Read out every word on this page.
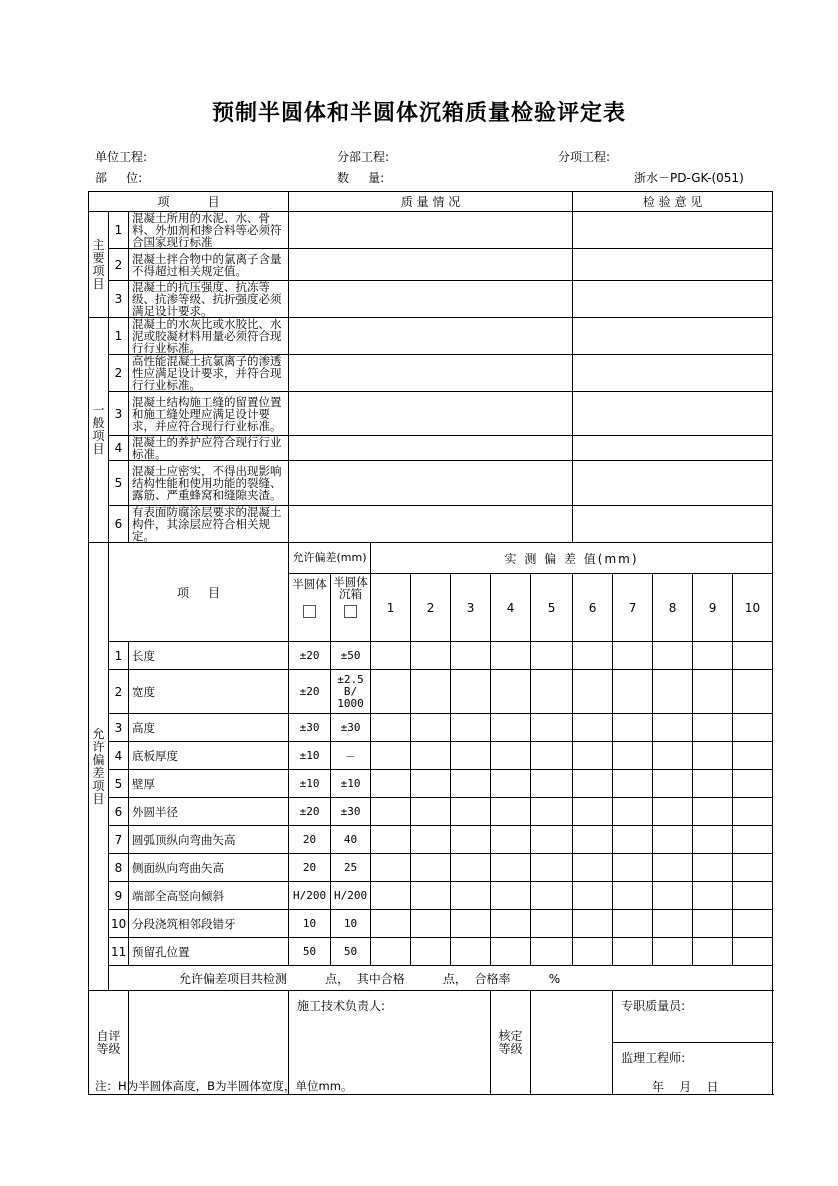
预制半圆体和半圆体沉箱质量检验评定表
单位工程:	分部工程:	分项工程:
部     位:	数     量:	浙水－PD-GK-(051)
项          目			质 量 情 况							检 验 意 见				
主要项目	1	混凝土所用的水泥、水、骨料、外加剂和掺合料等必须符合国家现行标准												
	2	混凝土拌合物中的氯离子含量不得超过相关规定值。												
	3	混凝土的抗压强度、抗冻等级、抗渗等级、抗折强度必须满足设计要求。												
一般项目	1	混凝土的水灰比或水胶比、水泥或胶凝材料用量必须符合现行行业标准。												
	2	高性能混凝土抗氯离子的渗透性应满足设计要求，并符合现行行业标准。												
	3	混凝土结构施工缝的留置位置和施工缝处理应满足设计要求，并应符合现行行业标准。												
	4	混凝土的养护应符合现行行业标准。												
	5	混凝土应密实，不得出现影响结构性能和使用功能的裂缝、露筋、严重蜂窝和缝隙夹渣。												
	6	有表面防腐涂层要求的混凝土构件，其涂层应符合相关规定。												
允许偏差项目	项     目		允许偏差(mm)		实 测 偏 差 值(mm)									

			半圆体	半圆体沉箱	1	2	3	4	5	6	7	8	9	10
	1	长度	±20	±50										
	2	宽度	±20	±2.5 B/ 1000										
	3	高度	±30	±30										
	4	底板厚度	±10	－										
	5	壁厚	±10	±10										
	6	外圆半径	±20	±30										
	7	圆弧顶纵向弯曲矢高	20	40										
	8	侧面纵向弯曲矢高	20	25										
	9	端部全高竖向倾斜	H/200	H/200										
	10	分段浇筑相邻段错牙	10	10										
	11	预留孔位置	50	50										
	允许偏差项目共检测          点，  其中合格          点，  合格率          %													
自评等级			施工技术负责人:					核定等级			专职质量员:			
											监理工程师:			
注：H为半圆体高度，B为半圆体宽度，单位mm。	年    月    日
